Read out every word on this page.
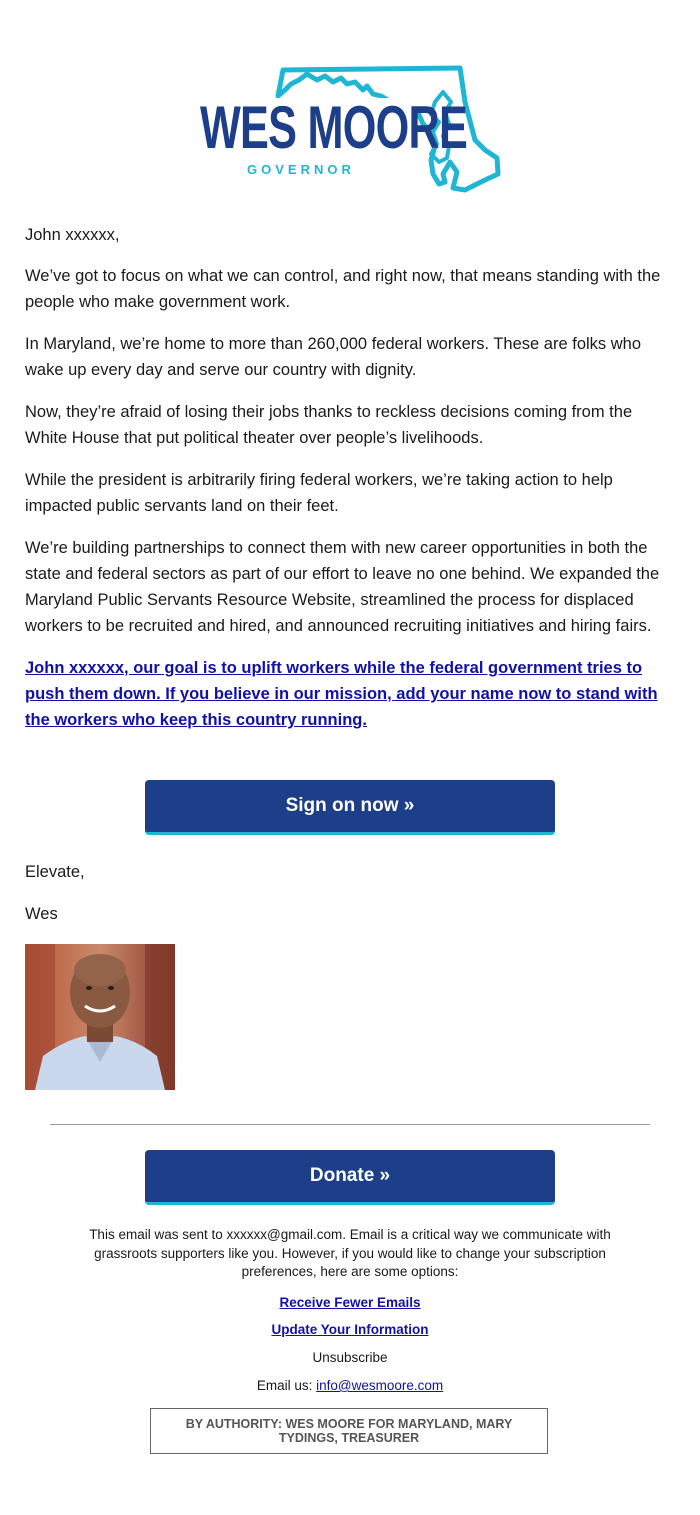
WES MOORE
GOVERNOR

John xxxxxx,

We’ve got to focus on what we can control, and right now, that means standing with the people who make government work.

In Maryland, we’re home to more than 260,000 federal workers. These are folks who wake up every day and serve our country with dignity.

Now, they’re afraid of losing their jobs thanks to reckless decisions coming from the White House that put political theater over people’s livelihoods.

While the president is arbitrarily firing federal workers, we’re taking action to help impacted public servants land on their feet.

We’re building partnerships to connect them with new career opportunities in both the state and federal sectors as part of our effort to leave no one behind. We expanded the Maryland Public Servants Resource Website, streamlined the process for displaced workers to be recruited and hired, and announced recruiting initiatives and hiring fairs.

John xxxxxx, our goal is to uplift workers while the federal government tries to push them down. If you believe in our mission, add your name now to stand with the workers who keep this country running.
Sign on now »
Elevate,
Wes
Donate »
This email was sent to xxxxxx@gmail.com. Email is a critical way we communicate with grassroots supporters like you. However, if you would like to change your subscription preferences, here are some options:
Receive Fewer Emails
Update Your Information
Unsubscribe
Email us: info@wesmoore.com
BY AUTHORITY: WES MOORE FOR MARYLAND, MARY TYDINGS, TREASURER
